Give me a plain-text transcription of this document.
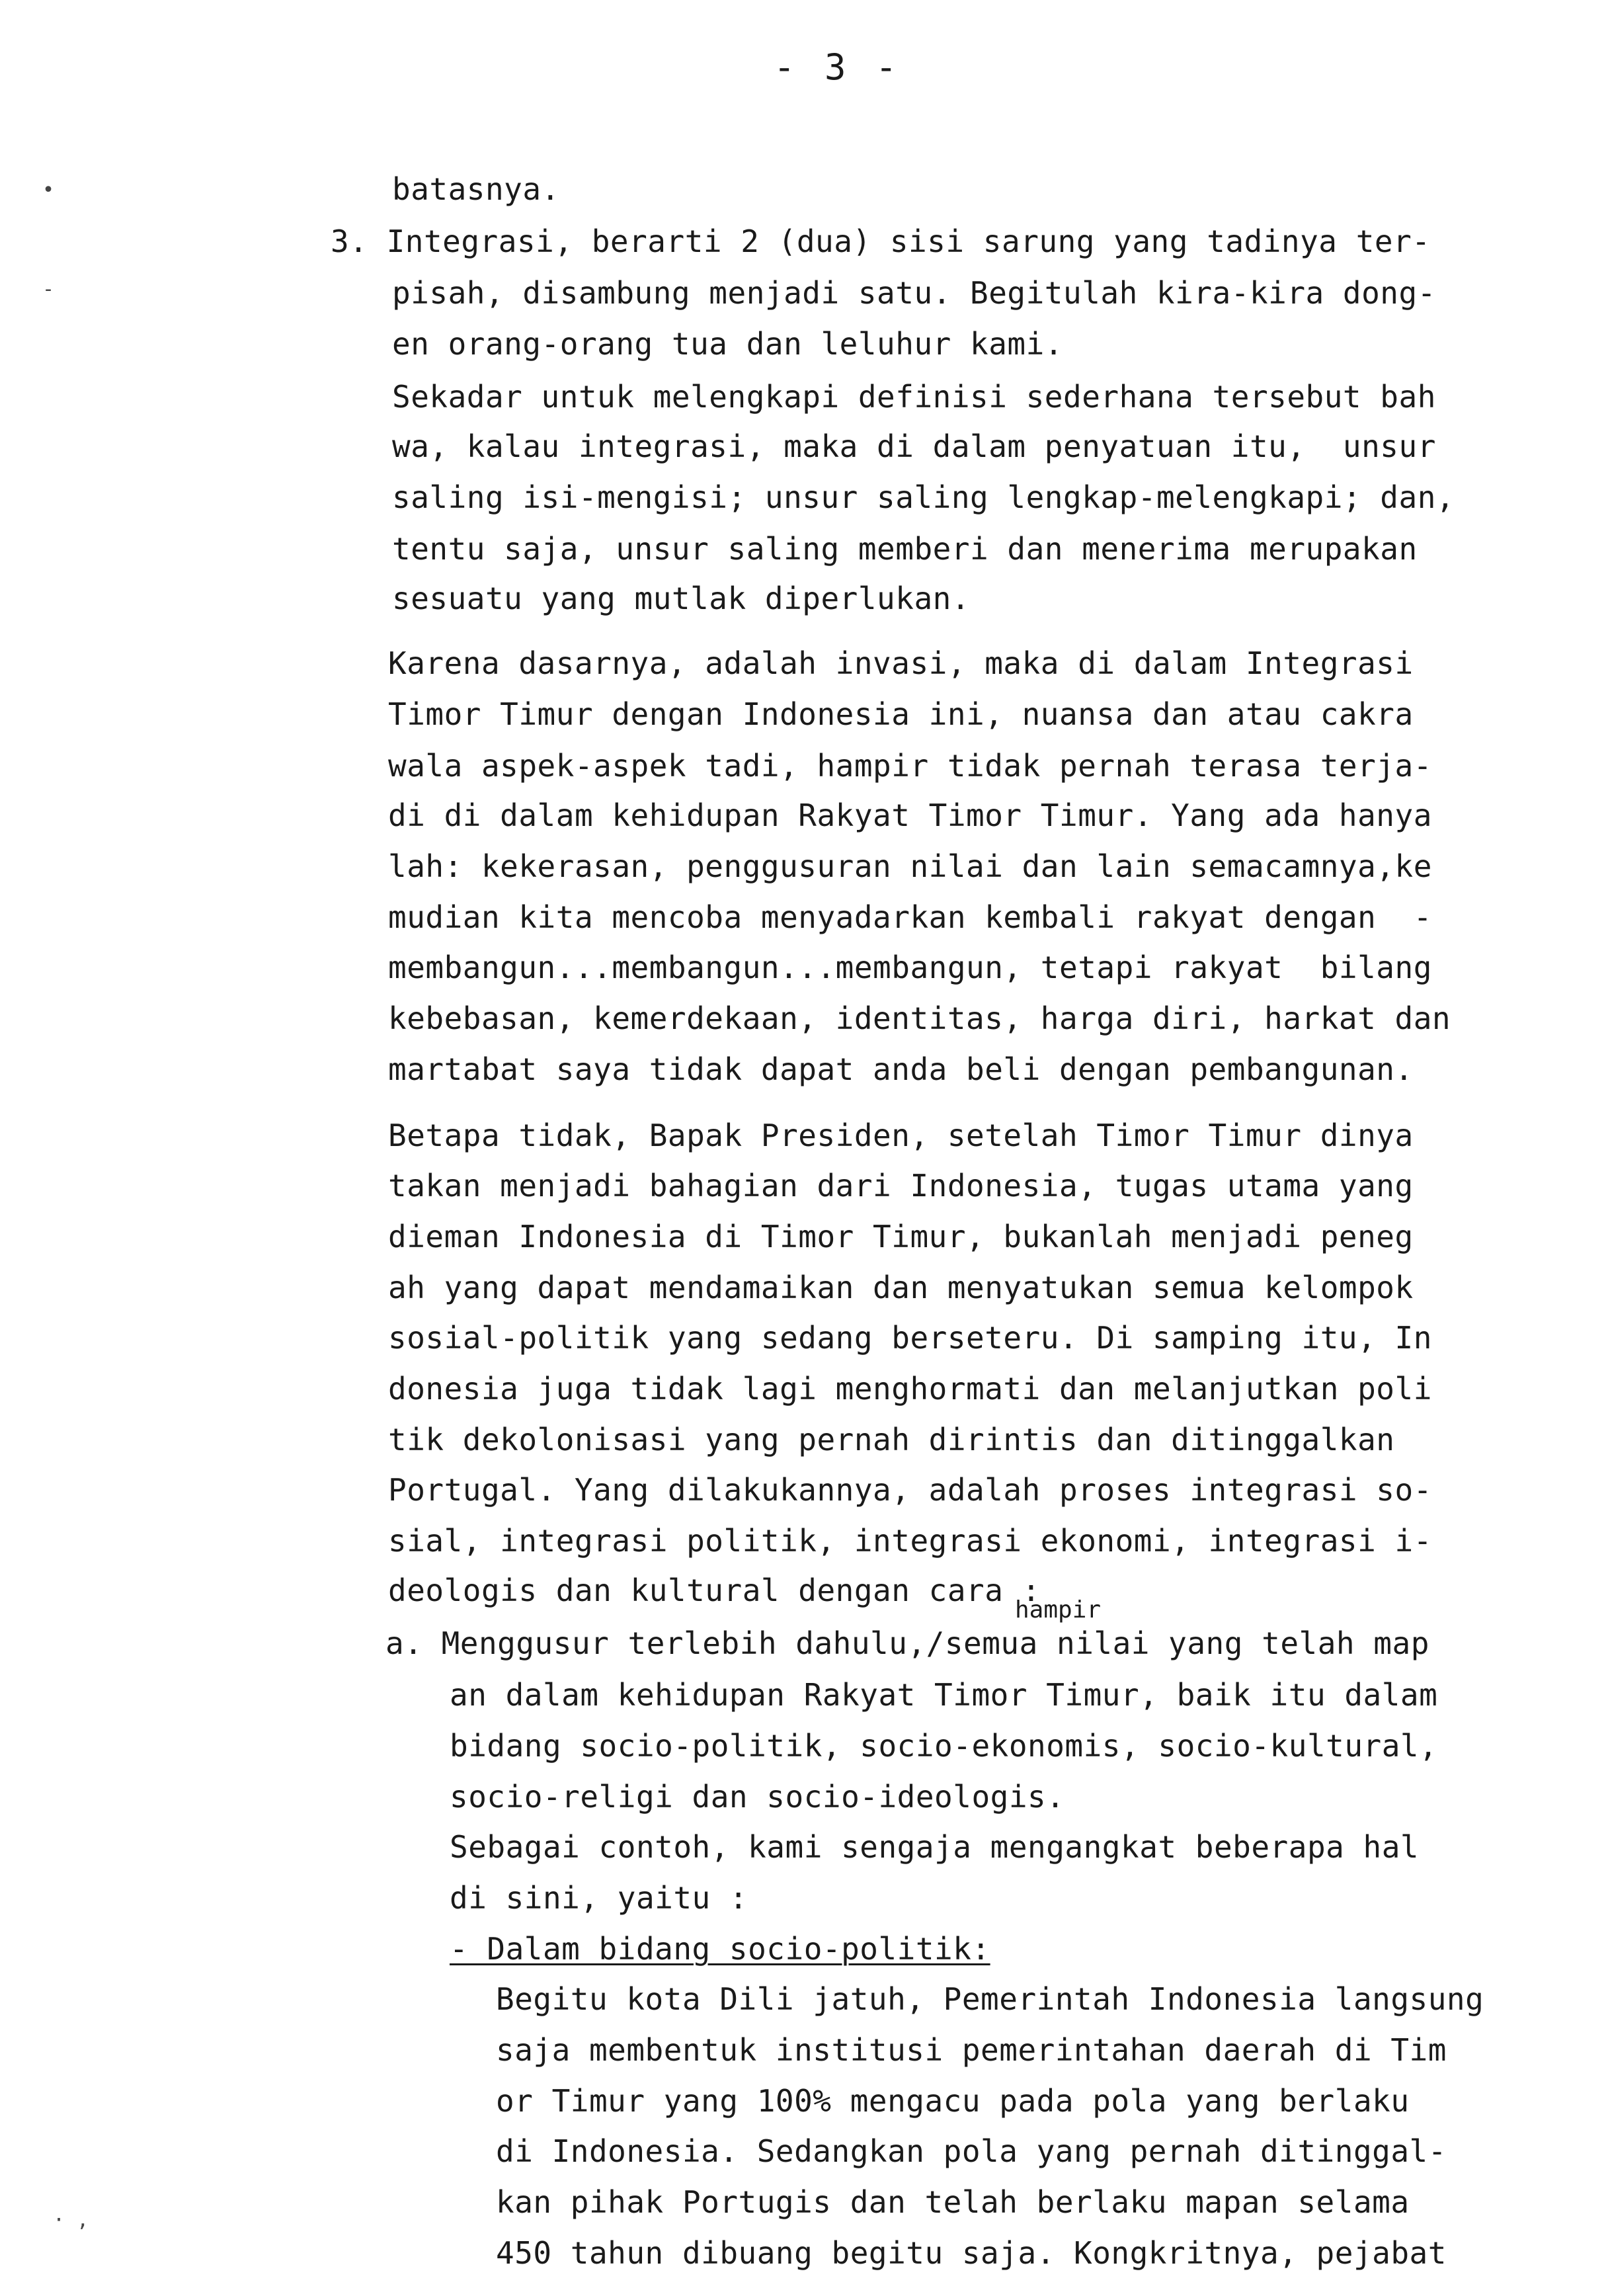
- 3 -
•
-
· ,
batasnya.
3. Integrasi, berarti 2 (dua) sisi sarung yang tadinya ter-
pisah, disambung menjadi satu. Begitulah kira-kira dong-
en orang-orang tua dan leluhur kami.
Sekadar untuk melengkapi definisi sederhana tersebut bah
wa, kalau integrasi, maka di dalam penyatuan itu,  unsur
saling isi-mengisi; unsur saling lengkap-melengkapi; dan,
tentu saja, unsur saling memberi dan menerima merupakan
sesuatu yang mutlak diperlukan.
Karena dasarnya, adalah invasi, maka di dalam Integrasi
Timor Timur dengan Indonesia ini, nuansa dan atau cakra
wala aspek-aspek tadi, hampir tidak pernah terasa terja-
di di dalam kehidupan Rakyat Timor Timur. Yang ada hanya
lah: kekerasan, penggusuran nilai dan lain semacamnya,ke
mudian kita mencoba menyadarkan kembali rakyat dengan  -
membangun...membangun...membangun, tetapi rakyat  bilang
kebebasan, kemerdekaan, identitas, harga diri, harkat dan
martabat saya tidak dapat anda beli dengan pembangunan.
Betapa tidak, Bapak Presiden, setelah Timor Timur dinya
takan menjadi bahagian dari Indonesia, tugas utama yang
dieman Indonesia di Timor Timur, bukanlah menjadi peneg
ah yang dapat mendamaikan dan menyatukan semua kelompok
sosial-politik yang sedang berseteru. Di samping itu, In
donesia juga tidak lagi menghormati dan melanjutkan poli
tik dekolonisasi yang pernah dirintis dan ditinggalkan
Portugal. Yang dilakukannya, adalah proses integrasi so-
sial, integrasi politik, integrasi ekonomi, integrasi i-
deologis dan kultural dengan cara :
hampir
a. Menggusur terlebih dahulu,/semua nilai yang telah map
an dalam kehidupan Rakyat Timor Timur, baik itu dalam
bidang socio-politik, socio-ekonomis, socio-kultural,
socio-religi dan socio-ideologis.
Sebagai contoh, kami sengaja mengangkat beberapa hal
di sini, yaitu :
- Dalam bidang socio-politik:
Begitu kota Dili jatuh, Pemerintah Indonesia langsung
saja membentuk institusi pemerintahan daerah di Tim
or Timur yang 100% mengacu pada pola yang berlaku
di Indonesia. Sedangkan pola yang pernah ditinggal-
kan pihak Portugis dan telah berlaku mapan selama
450 tahun dibuang begitu saja. Kongkritnya, pejabat
